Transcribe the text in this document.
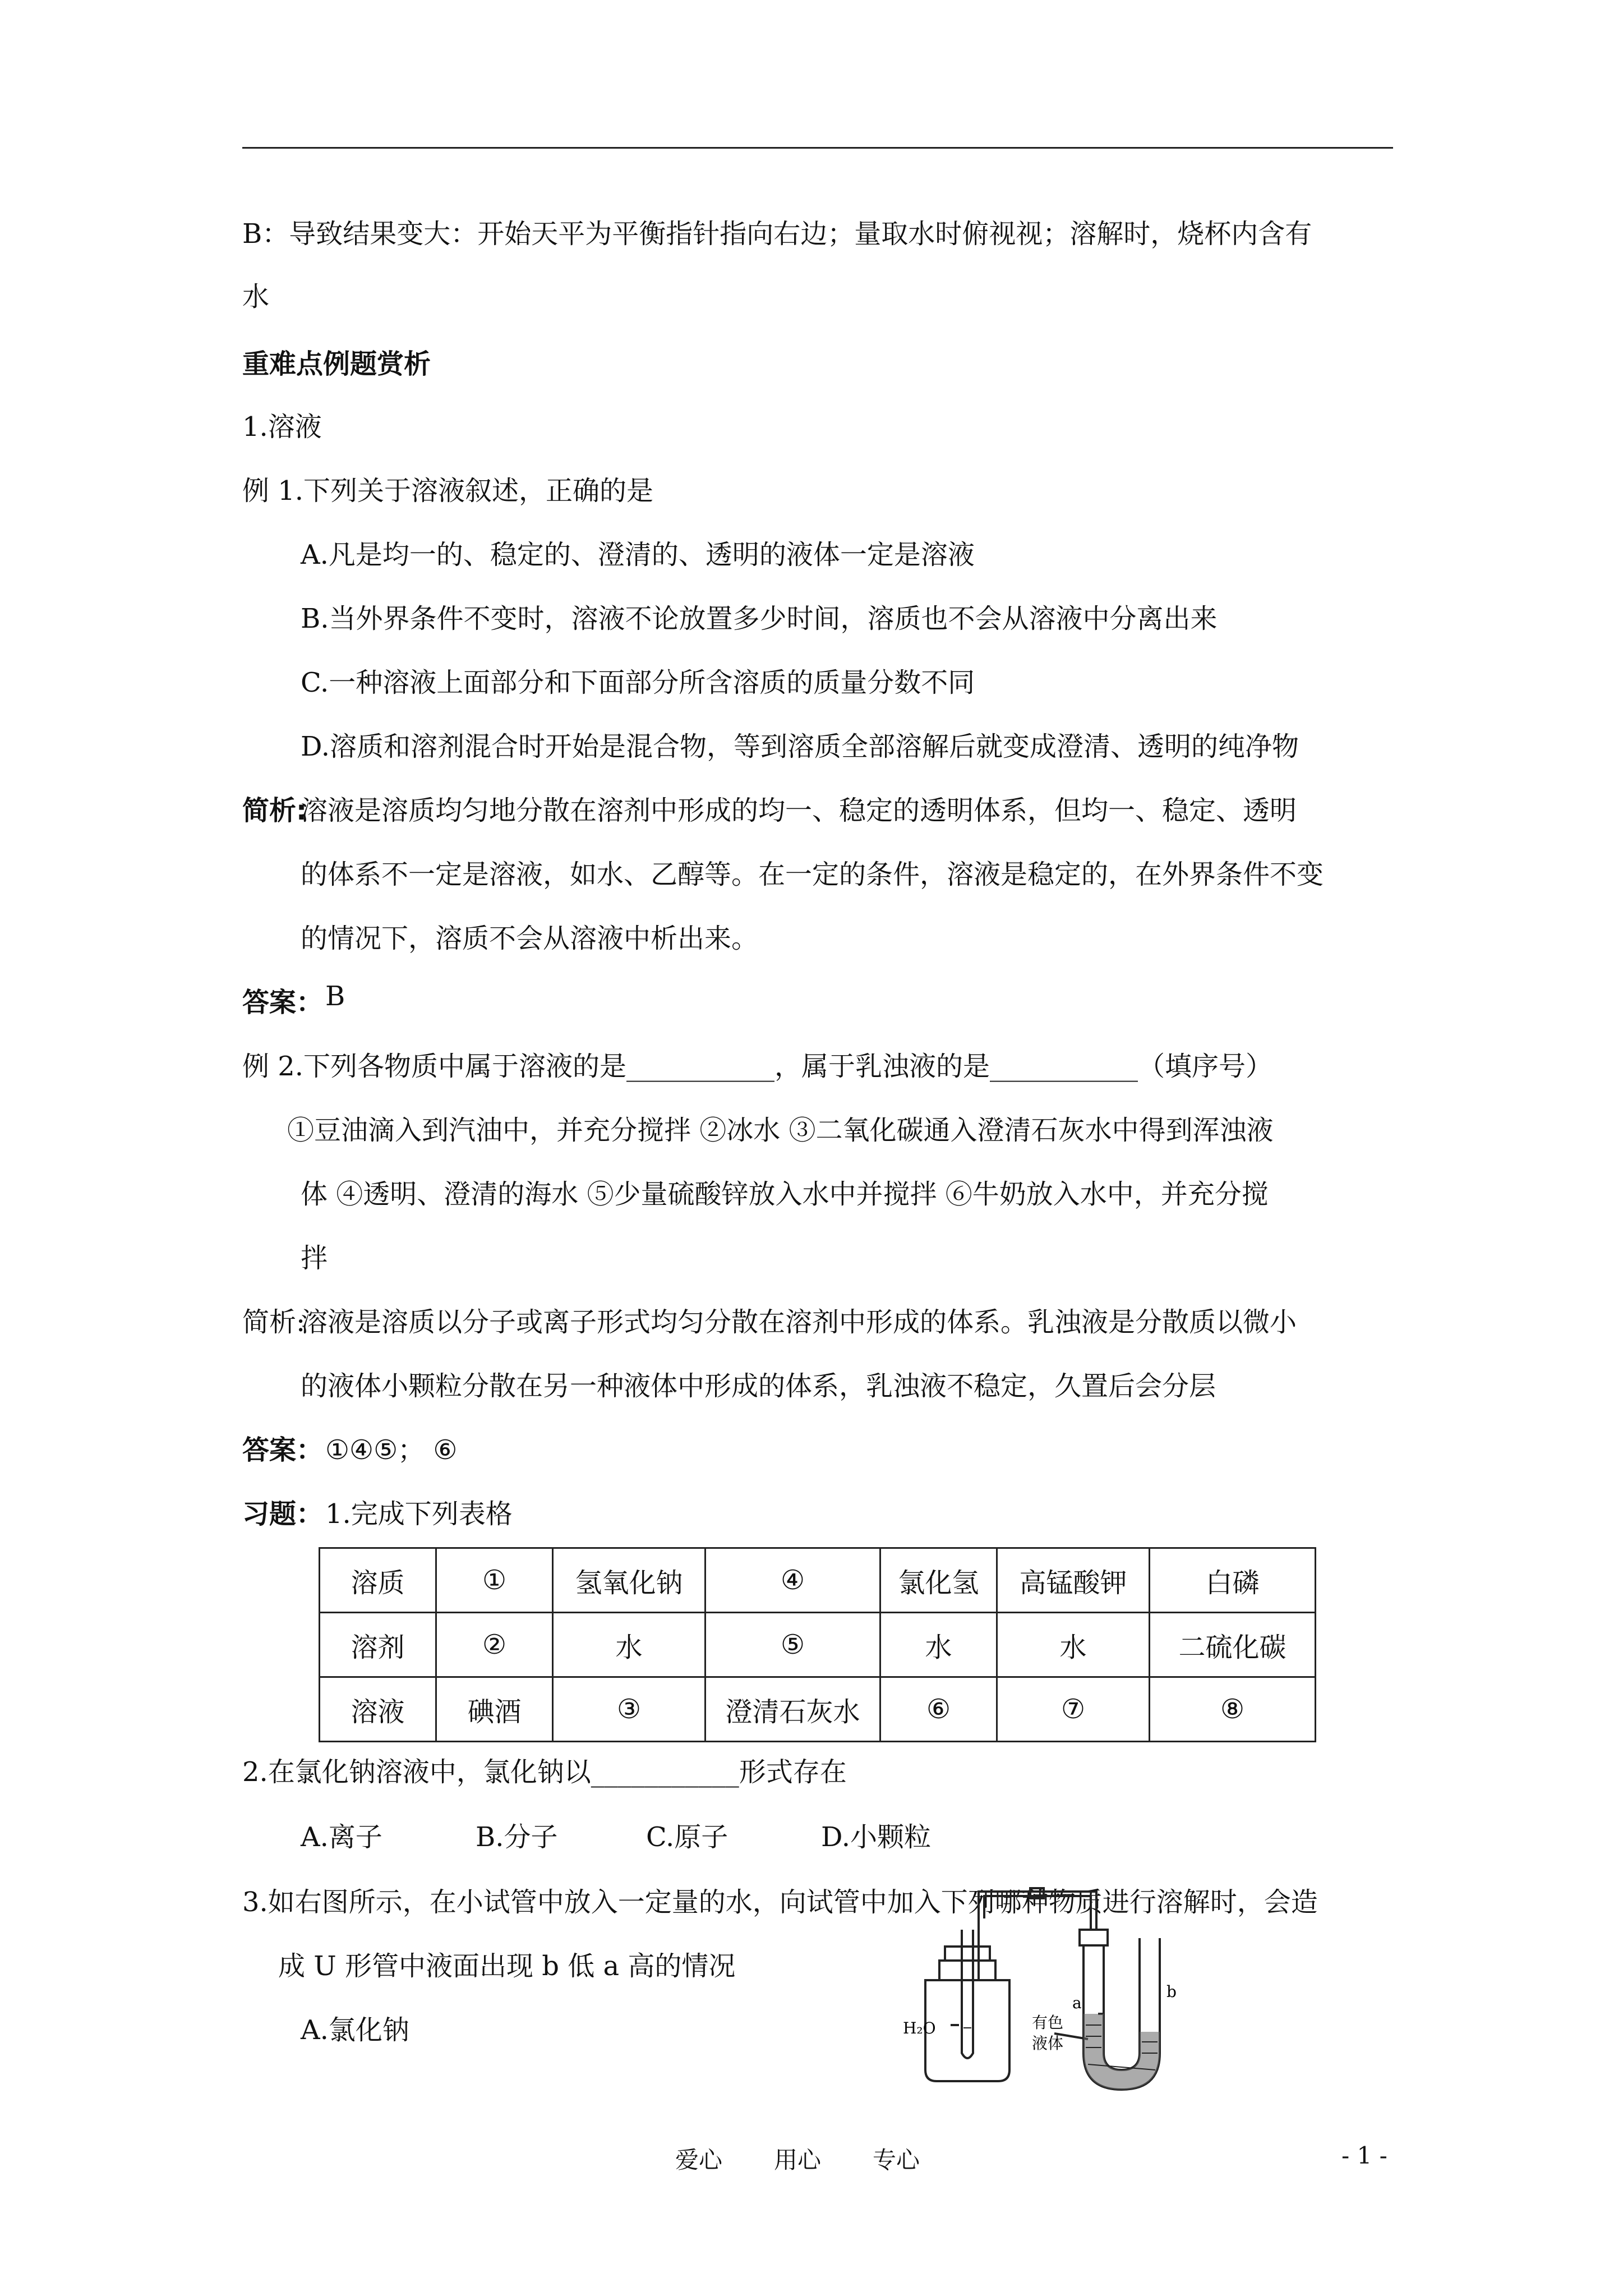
B：导致结果变大：开始天平为平衡指针指向右边；量取水时俯视视；溶解时，烧杯内含有
水
重难点例题赏析
1.溶液
例 1.下列关于溶液叙述，正确的是
A.凡是均一的、稳定的、澄清的、透明的液体一定是溶液
B.当外界条件不变时，溶液不论放置多少时间，溶质也不会从溶液中分离出来
C.一种溶液上面部分和下面部分所含溶质的质量分数不同
D.溶质和溶剂混合时开始是混合物，等到溶质全部溶解后就变成澄清、透明的纯净物
简析:
溶液是溶质均匀地分散在溶剂中形成的均一、稳定的透明体系，但均一、稳定、透明
的体系不一定是溶液，如水、乙醇等。在一定的条件，溶液是稳定的，在外界条件不变
的情况下，溶质不会从溶液中析出来。
答案： B
例 2.下列各物质中属于溶液的是___________，属于乳浊液的是___________（填序号）
①豆油滴入到汽油中，并充分搅拌 ②冰水 ③二氧化碳通入澄清石灰水中得到浑浊液
体 ④透明、澄清的海水 ⑤少量硫酸锌放入水中并搅拌 ⑥牛奶放入水中，并充分搅
拌
简析:
溶液是溶质以分子或离子形式均匀分散在溶剂中形成的体系。乳浊液是分散质以微小
的液体小颗粒分散在另一种液体中形成的体系，乳浊液不稳定，久置后会分层
答案： ①④⑤； ⑥
习题： 1.完成下列表格
溶质	①	氢氧化钠	④	氯化氢	高锰酸钾	白磷
溶剂	②	水	⑤	水	水	二硫化碳
溶液	碘酒	③	澄清石灰水	⑥	⑦	⑧
2.在氯化钠溶液中，氯化钠以___________形式存在
A.离子	B.分子	C.原子	D.小颗粒
3.如右图所示，在小试管中放入一定量的水，向试管中加入下列哪种物质进行溶解时，会造
成 U 形管中液面出现 b 低 a 高的情况
A.氯化钠	H₂O	有色
液体
a
b
爱心 用心 专心	- 1 -
